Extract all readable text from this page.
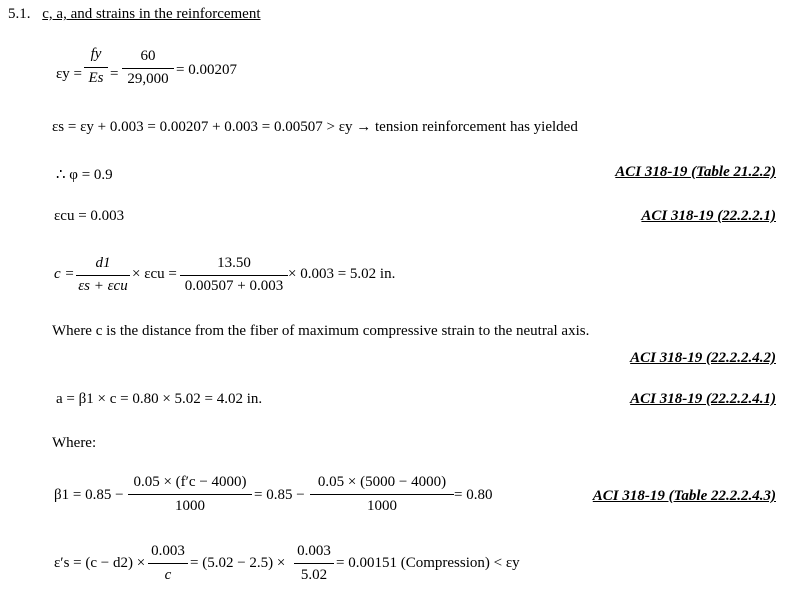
5.1. c, a, and strains in the reinforcement
εy =
fy
Es =
60
29,000
= 0.00207
εs = εy + 0.003 = 0.00207 + 0.003 = 0.00507 > εy → tension reinforcement has yielded
∴ φ = 0.9	ACI 318-19 (Table 21.2.2)
εcu = 0.003	ACI 318-19 (22.2.2.1)
c =
d1
εs + εcu
× εcu =
13.50
0.00507 + 0.003
× 0.003 = 5.02 in.
Where c is the distance from the fiber of maximum compressive strain to the neutral axis.
ACI 318-19 (22.2.2.4.2)
a = β1 × c = 0.80 × 5.02 = 4.02 in.	ACI 318-19 (22.2.2.4.1)
Where:
β1 = 0.85 −
0.05 × (f′c − 4000)
1000
= 0.85 −
0.05 × (5000 − 4000)
1000
= 0.80	ACI 318-19 (Table 22.2.2.4.3)
ε′s = (c − d2) ×
0.003
c
= (5.02 − 2.5) ×
0.003
5.02
= 0.00151 (Compression) < εy
